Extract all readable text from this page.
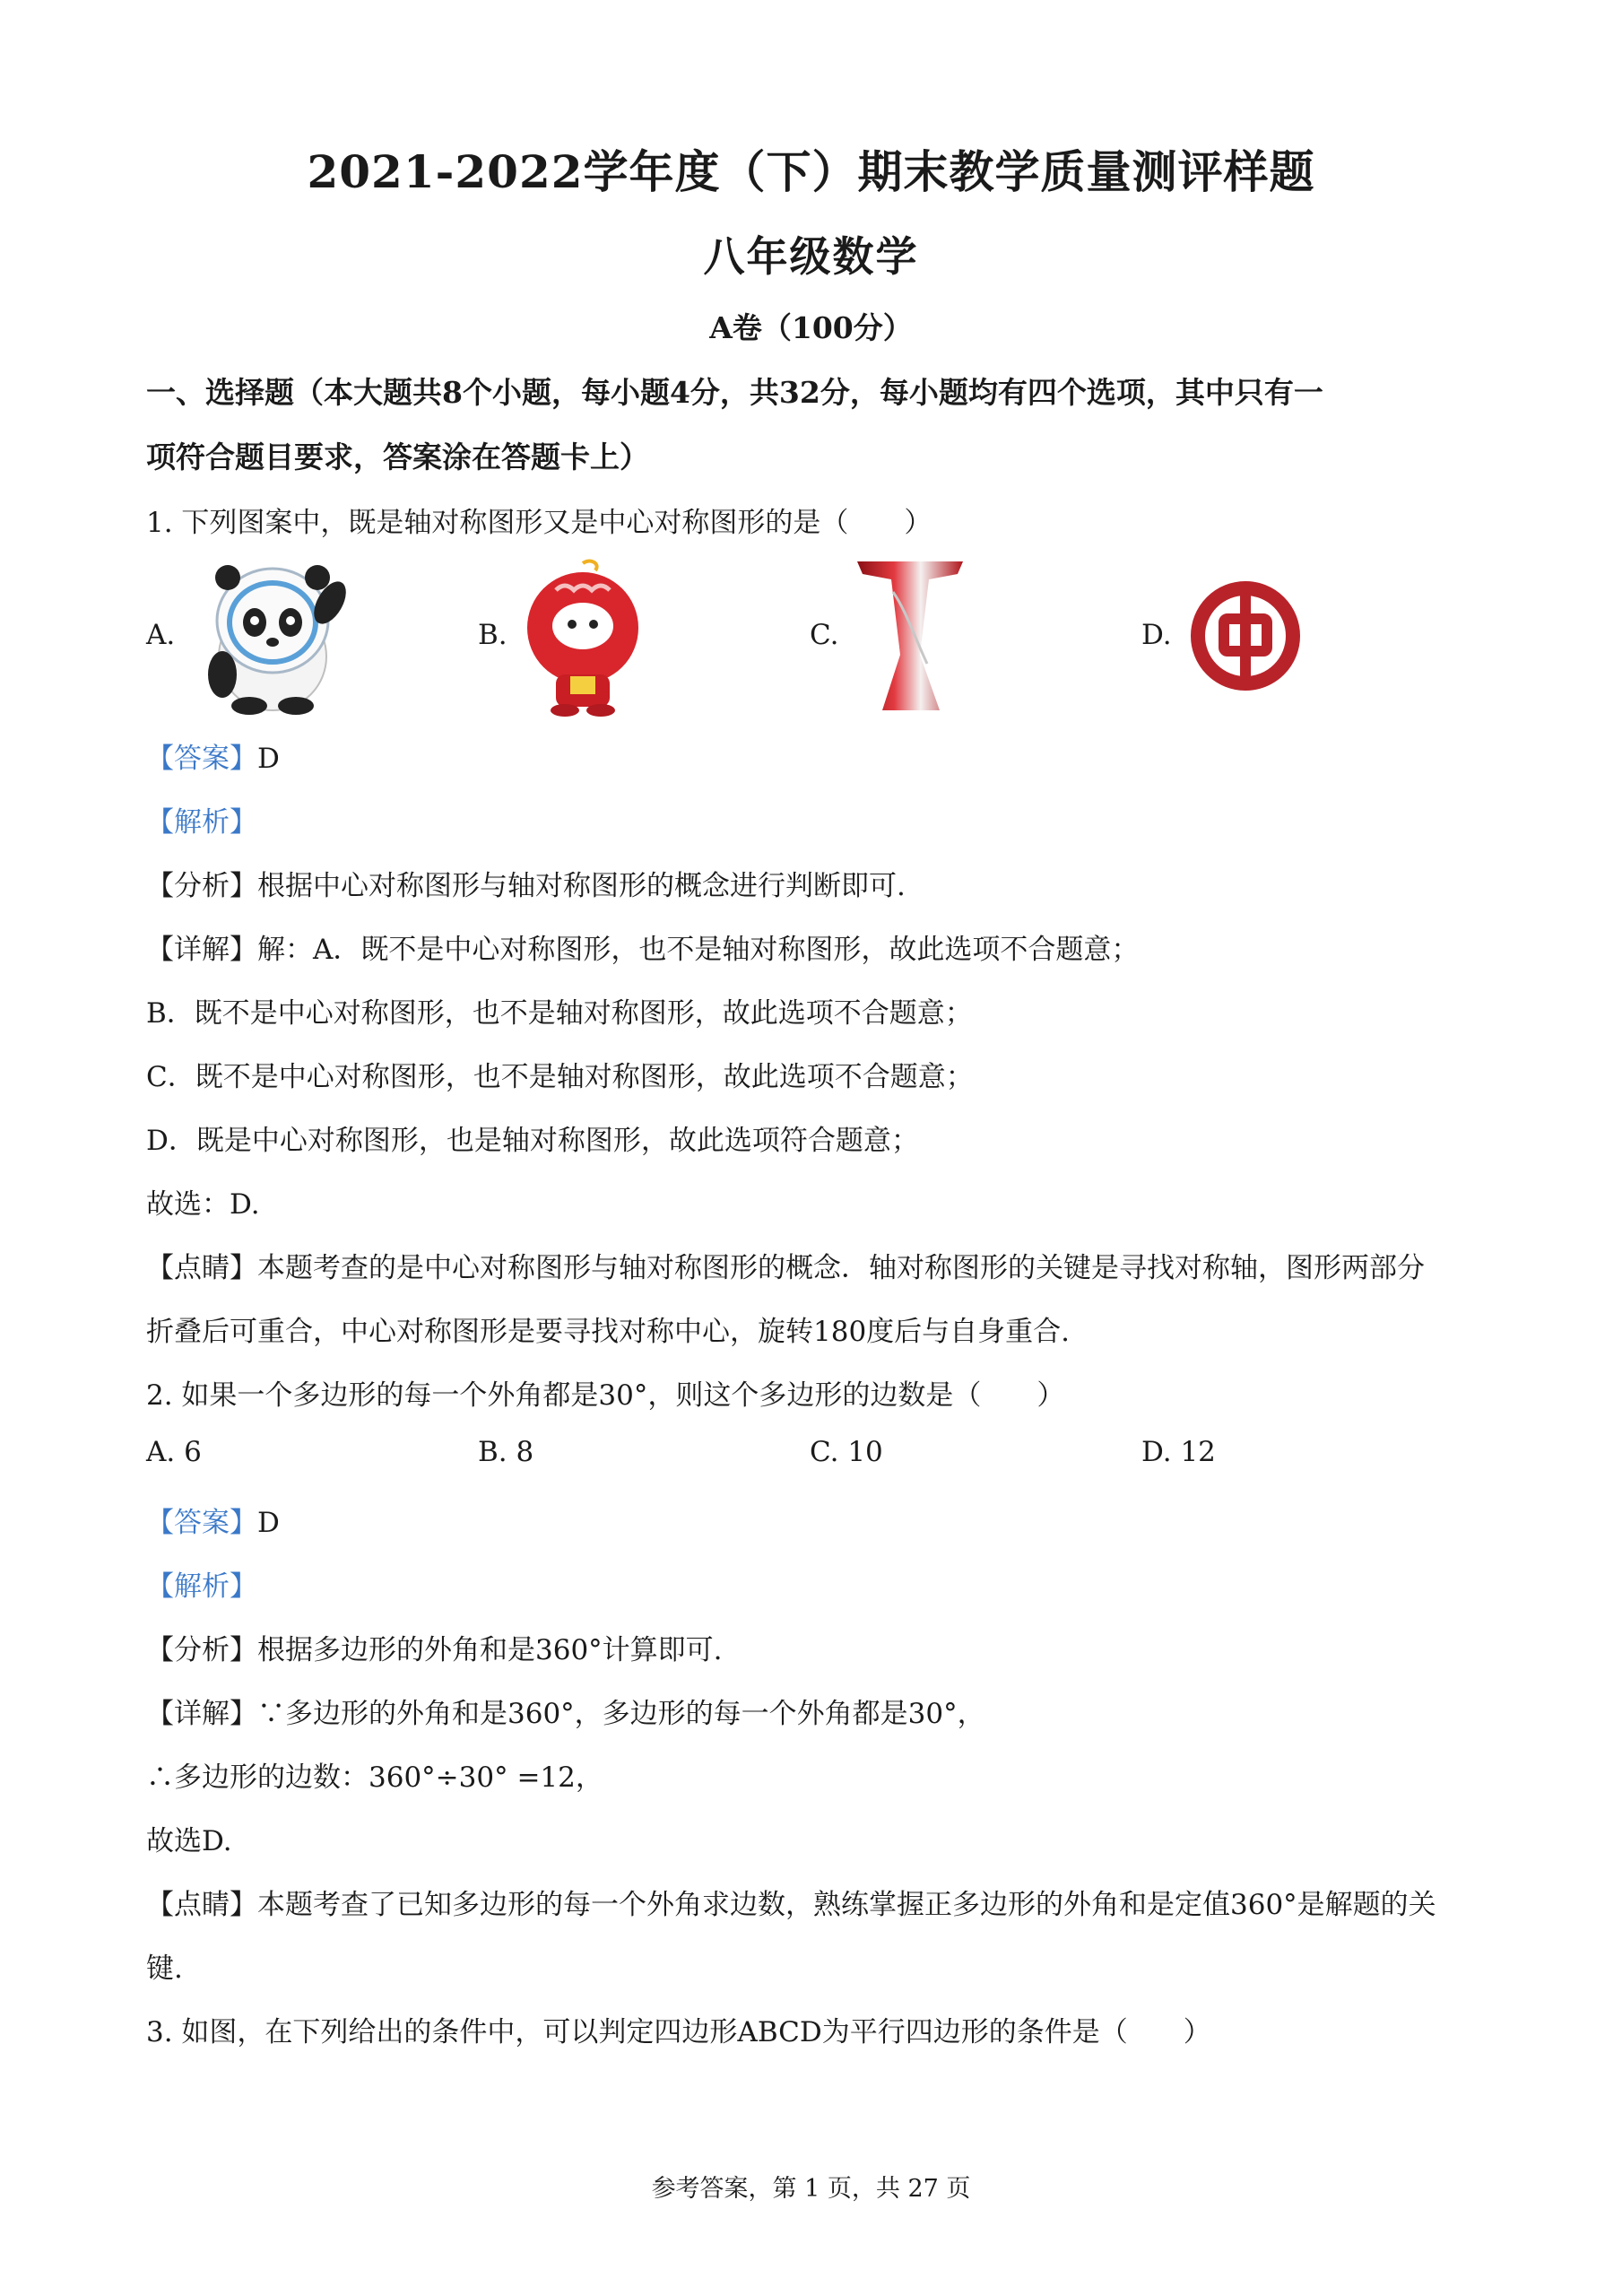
2021-2022学年度（下）期末教学质量测评样题
八年级数学
A卷（100分）
一、选择题（本大题共8个小题，每小题4分，共32分，每小题均有四个选项，其中只有一
项符合题目要求，答案涂在答题卡上）
1. 下列图案中，既是轴对称图形又是中心对称图形的是（　　）
A.	B.	C.	D.
【答案】D
【解析】
【分析】根据中心对称图形与轴对称图形的概念进行判断即可.
【详解】解：A．既不是中心对称图形，也不是轴对称图形，故此选项不合题意；
B．既不是中心对称图形，也不是轴对称图形，故此选项不合题意；
C．既不是中心对称图形，也不是轴对称图形，故此选项不合题意；
D．既是中心对称图形，也是轴对称图形，故此选项符合题意；
故选：D.
【点睛】本题考查的是中心对称图形与轴对称图形的概念．轴对称图形的关键是寻找对称轴，图形两部分
折叠后可重合，中心对称图形是要寻找对称中心，旋转180度后与自身重合.
2. 如果一个多边形的每一个外角都是30°，则这个多边形的边数是（　　）
A. 6	B. 8	C. 10	D. 12
【答案】D
【解析】
【分析】根据多边形的外角和是360°计算即可.
【详解】∵多边形的外角和是360°，多边形的每一个外角都是30°，
∴多边形的边数：360°÷30° =12，
故选D.
【点睛】本题考查了已知多边形的每一个外角求边数，熟练掌握正多边形的外角和是定值360°是解题的关
键.
3. 如图，在下列给出的条件中，可以判定四边形ABCD为平行四边形的条件是（　　）
参考答案，第 1 页，共 27 页
